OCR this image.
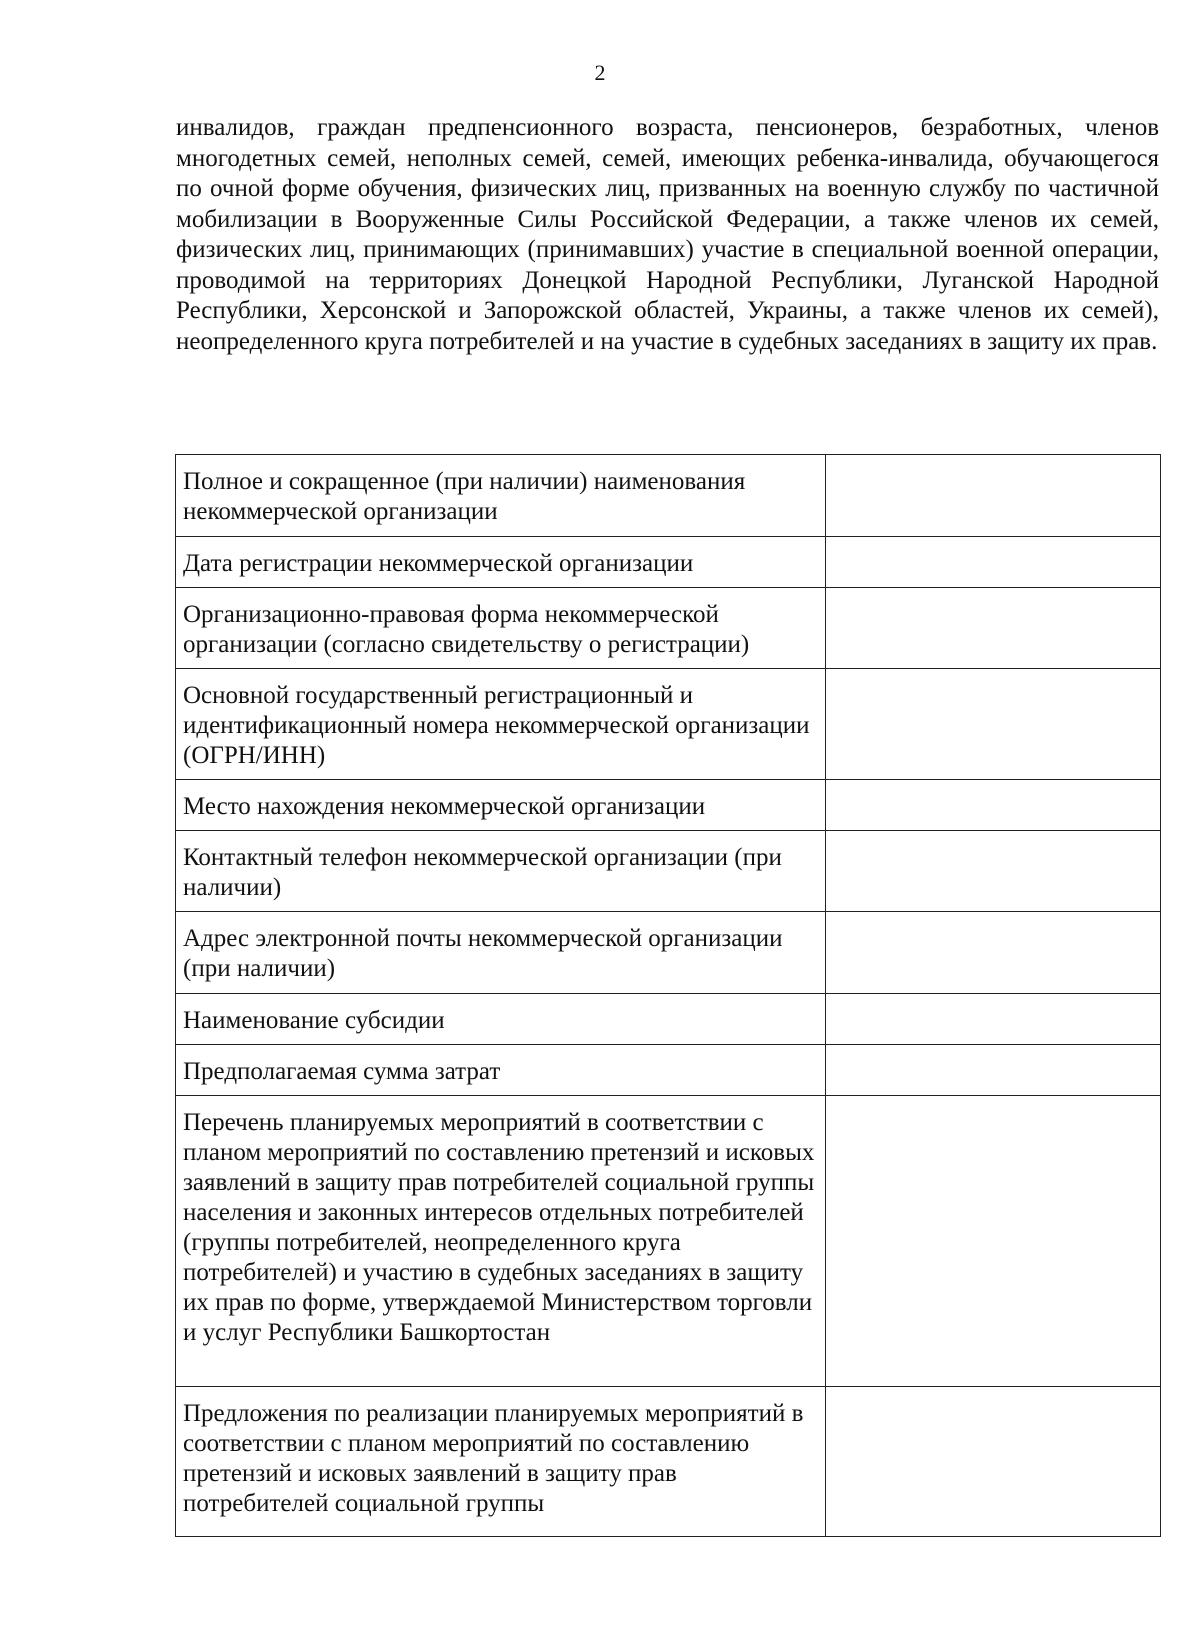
2

инвалидов, граждан предпенсионного возраста, пенсионеров, безработных, членов многодетных семей, неполных семей, семей, имеющих ребенка-инвалида, обучающегося по очной форме обучения, физических лиц, призванных на военную службу по частичной мобилизации в Вооруженные Силы Российской Федерации, а также членов их семей, физических лиц, принимающих (принимавших) участие в специальной военной операции, проводимой на территориях Донецкой Народной Республики, Луганской Народной Республики, Херсонской и Запорожской областей, Украины, а также членов их семей), неопределенного круга потребителей и на участие в судебных заседаниях в защиту их прав.

Полное и сокращенное (при наличии) наименования некоммерческой организации	
Дата регистрации некоммерческой организации	
Организационно-правовая форма некоммерческой организации (согласно свидетельству о регистрации)	
Основной государственный регистрационный и идентификационный номера некоммерческой организации (ОГРН/ИНН)	
Место нахождения некоммерческой организации	
Контактный телефон некоммерческой организации (при наличии)	
Адрес электронной почты некоммерческой организации (при наличии)	
Наименование субсидии	
Предполагаемая сумма затрат	
Перечень планируемых мероприятий в соответствии с планом мероприятий по составлению претензий и исковых заявлений в защиту прав потребителей социальной группы населения и законных интересов отдельных потребителей (группы потребителей, неопределенного круга потребителей) и участию в судебных заседаниях в защиту их прав по форме, утверждаемой Министерством торговли и услуг Республики Башкортостан	
Предложения по реализации планируемых мероприятий в соответствии с планом мероприятий по составлению претензий и исковых заявлений в защиту прав потребителей социальной группы	
